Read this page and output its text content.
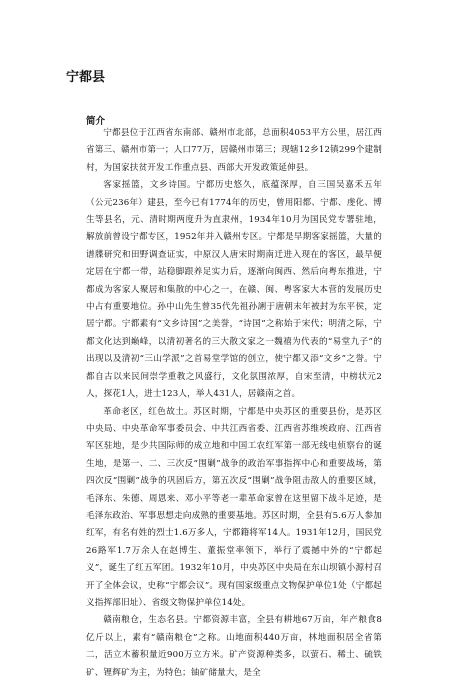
宁都县
简介

宁都县位于江西省东南部、赣州市北部，总面积4053平方公里，居江西省第三、赣州市第一；人口77万，居赣州市第三；现辖12乡12镇299个建制村，为国家扶贫开发工作重点县、西部大开发政策延伸县。

客家摇篮，文乡诗国。宁都历史悠久，底蕴深厚，自三国吴嘉禾五年（公元236年）建县，至今已有1774年的历史，曾用阳都、宁都、虔化、博生等县名，元、清时期两度升为直隶州，1934年10月为国民党专署驻地，解放前曾设宁都专区，1952年并入赣州专区。宁都是早期客家摇篮，大量的谱牒研究和田野调查证实，中原汉人唐宋时期南迁进入现在的客区，最早便定居在宁都一带，站稳脚跟养足实力后，逐渐向闽西、然后向粤东推进，宁都成为客家人聚居和集散的中心之一，在赣、闽、粤客家大本营的发展历史中占有重要地位。孙中山先生曾35代先祖孙誗于唐朝末年被封为东平侯，定居宁都。宁都素有“文乡诗国”之美誉，“诗国”之称始于宋代；明清之际，宁都文化达到巅峰，以清初著名的三大散文家之一魏禧为代表的“易堂九子”的出现以及清初“三山学派”之首易堂学馆的创立，使宁都又添“文乡”之誉。宁都自古以来民间崇学重教之风盛行，文化氛围浓厚，自宋至清，中榜状元2人，探花1人，进士123人，举人431人，居赣南之首。

革命老区，红色故土。苏区时期，宁都是中央苏区的重要县份，是苏区中央局、中央革命军事委员会、中共江西省委、江西省苏维埃政府、江西省军区驻地，是少共国际师的成立地和中国工农红军第一部无线电侦察台的诞生地，是第一、二、三次反“围剿”战争的政治军事指挥中心和重要战场，第四次反“围剿”战争的巩固后方，第五次反“围剿”战争阻击敌人的重要区域，毛泽东、朱德、周恩来、邓小平等老一辈革命家曾在这里留下战斗足迹，是毛泽东政治、军事思想走向成熟的重要基地。苏区时期，全县有5.6万人参加红军，有名有姓的烈士1.6万多人，宁都籍将军14人。1931年12月，国民党26路军1.7万余人在赵博生、董振堂率领下，举行了震撼中外的“宁都起义”，诞生了红五军团。1932年10月，中央苏区中央局在东山坝镇小源村召开了全体会议，史称“宁都会议”。现有国家级重点文物保护单位1处（宁都起义指挥部旧址）、省级文物保护单位14处。

赣南粮仓，生态名县。宁都资源丰富，全县有耕地67万亩，年产粮食8亿斤以上，素有“赣南粮仓”之称。山地面积440万亩，林地面积居全省第二，活立木蓄积量近900万立方米。矿产资源种类多，以萤石、稀土、硫铁矿、锂辉矿为主，为特色；铀矿储量大，是全
